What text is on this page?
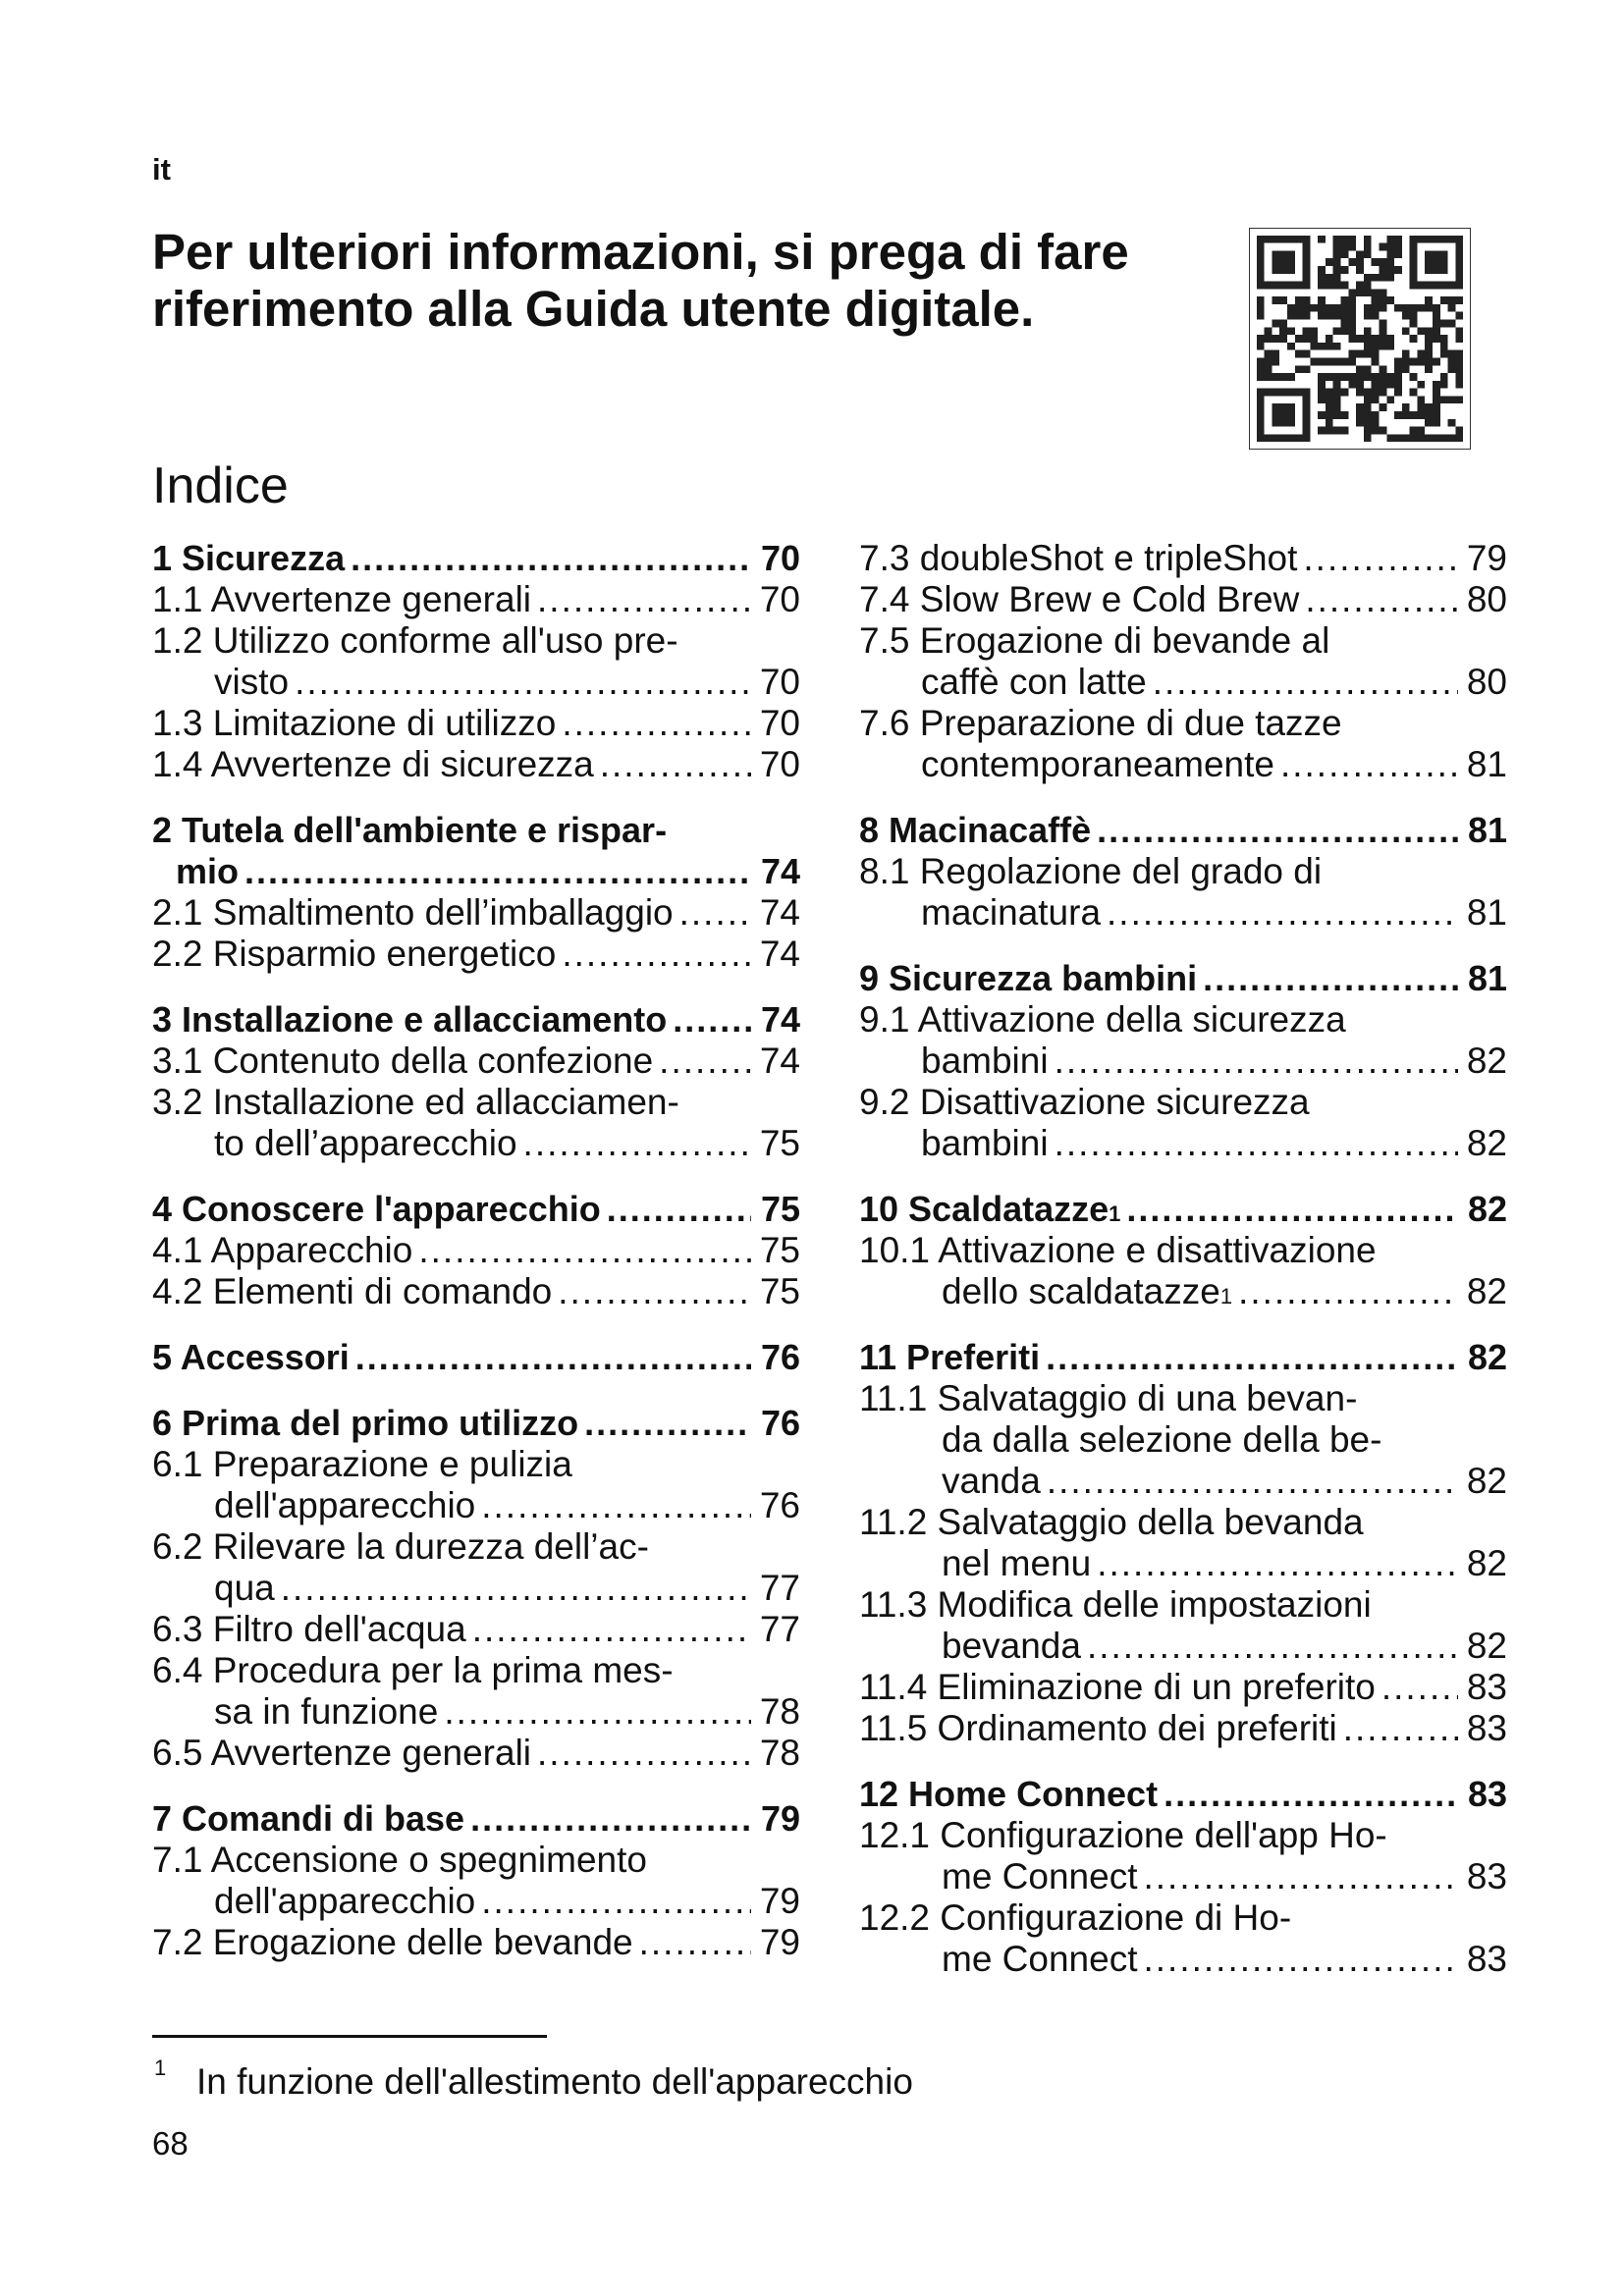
it
Per ulteriori informazioni, si prega di fare riferimento alla Guida utente digitale.
Indice
1 Sicurezza .....	70
1.1 Avvertenze generali .....	70
1.2 Utilizzo conforme all'uso pre-
visto .....	70
1.3 Limitazione di utilizzo .....	70
1.4 Avvertenze di sicurezza .....	70
2 Tutela dell'ambiente e rispar-
mio .....	74
2.1 Smaltimento dell’imballaggio ..... 74
2.2 Risparmio energetico .....	74
3 Installazione e allacciamento .....	74
3.1 Contenuto della confezione .....	74
3.2 Installazione ed allacciamen-
to dell’apparecchio .....	75
4 Conoscere l'apparecchio .....	75
4.1 Apparecchio .....	75
4.2 Elementi di comando .....	75
5 Accessori .....	76
6 Prima del primo utilizzo .....	76
6.1 Preparazione e pulizia
dell'apparecchio .....	76
6.2 Rilevare la durezza dell’ac-
qua .....	77
6.3 Filtro dell'acqua .....	77
6.4 Procedura per la prima mes-
sa in funzione .....	78
6.5 Avvertenze generali .....	78
7 Comandi di base .....	79
7.1 Accensione o spegnimento
dell'apparecchio .....	79
7.2 Erogazione delle bevande .....	79
7.3 doubleShot e tripleShot .....	79
7.4 Slow Brew e Cold Brew .....	80
7.5 Erogazione di bevande al
caffè con latte .....	80
7.6 Preparazione di due tazze
contemporaneamente .....	81
8 Macinacaffè .....	81
8.1 Regolazione del grado di
macinatura .....	81
9 Sicurezza bambini .....	81
9.1 Attivazione della sicurezza
bambini .....	82
9.2 Disattivazione sicurezza
bambini .....	82
10 Scaldatazze 1 .....	82
10.1 Attivazione e disattivazione
dello scaldatazze 1 .....	82
11 Preferiti .....	82
11.1 Salvataggio di una bevan-
da dalla selezione della be-
vanda .....	82
11.2 Salvataggio della bevanda
nel menu .....	82
11.3 Modifica delle impostazioni
bevanda .....	82
11.4 Eliminazione di un preferito .....	83
11.5 Ordinamento dei preferiti .....	83
12 Home Connect .....	83
12.1 Configurazione dell'app Ho-
me Connect .....	83
12.2 Configurazione di Ho-
me Connect .....	83
1 In funzione dell'allestimento dell'apparecchio
68
